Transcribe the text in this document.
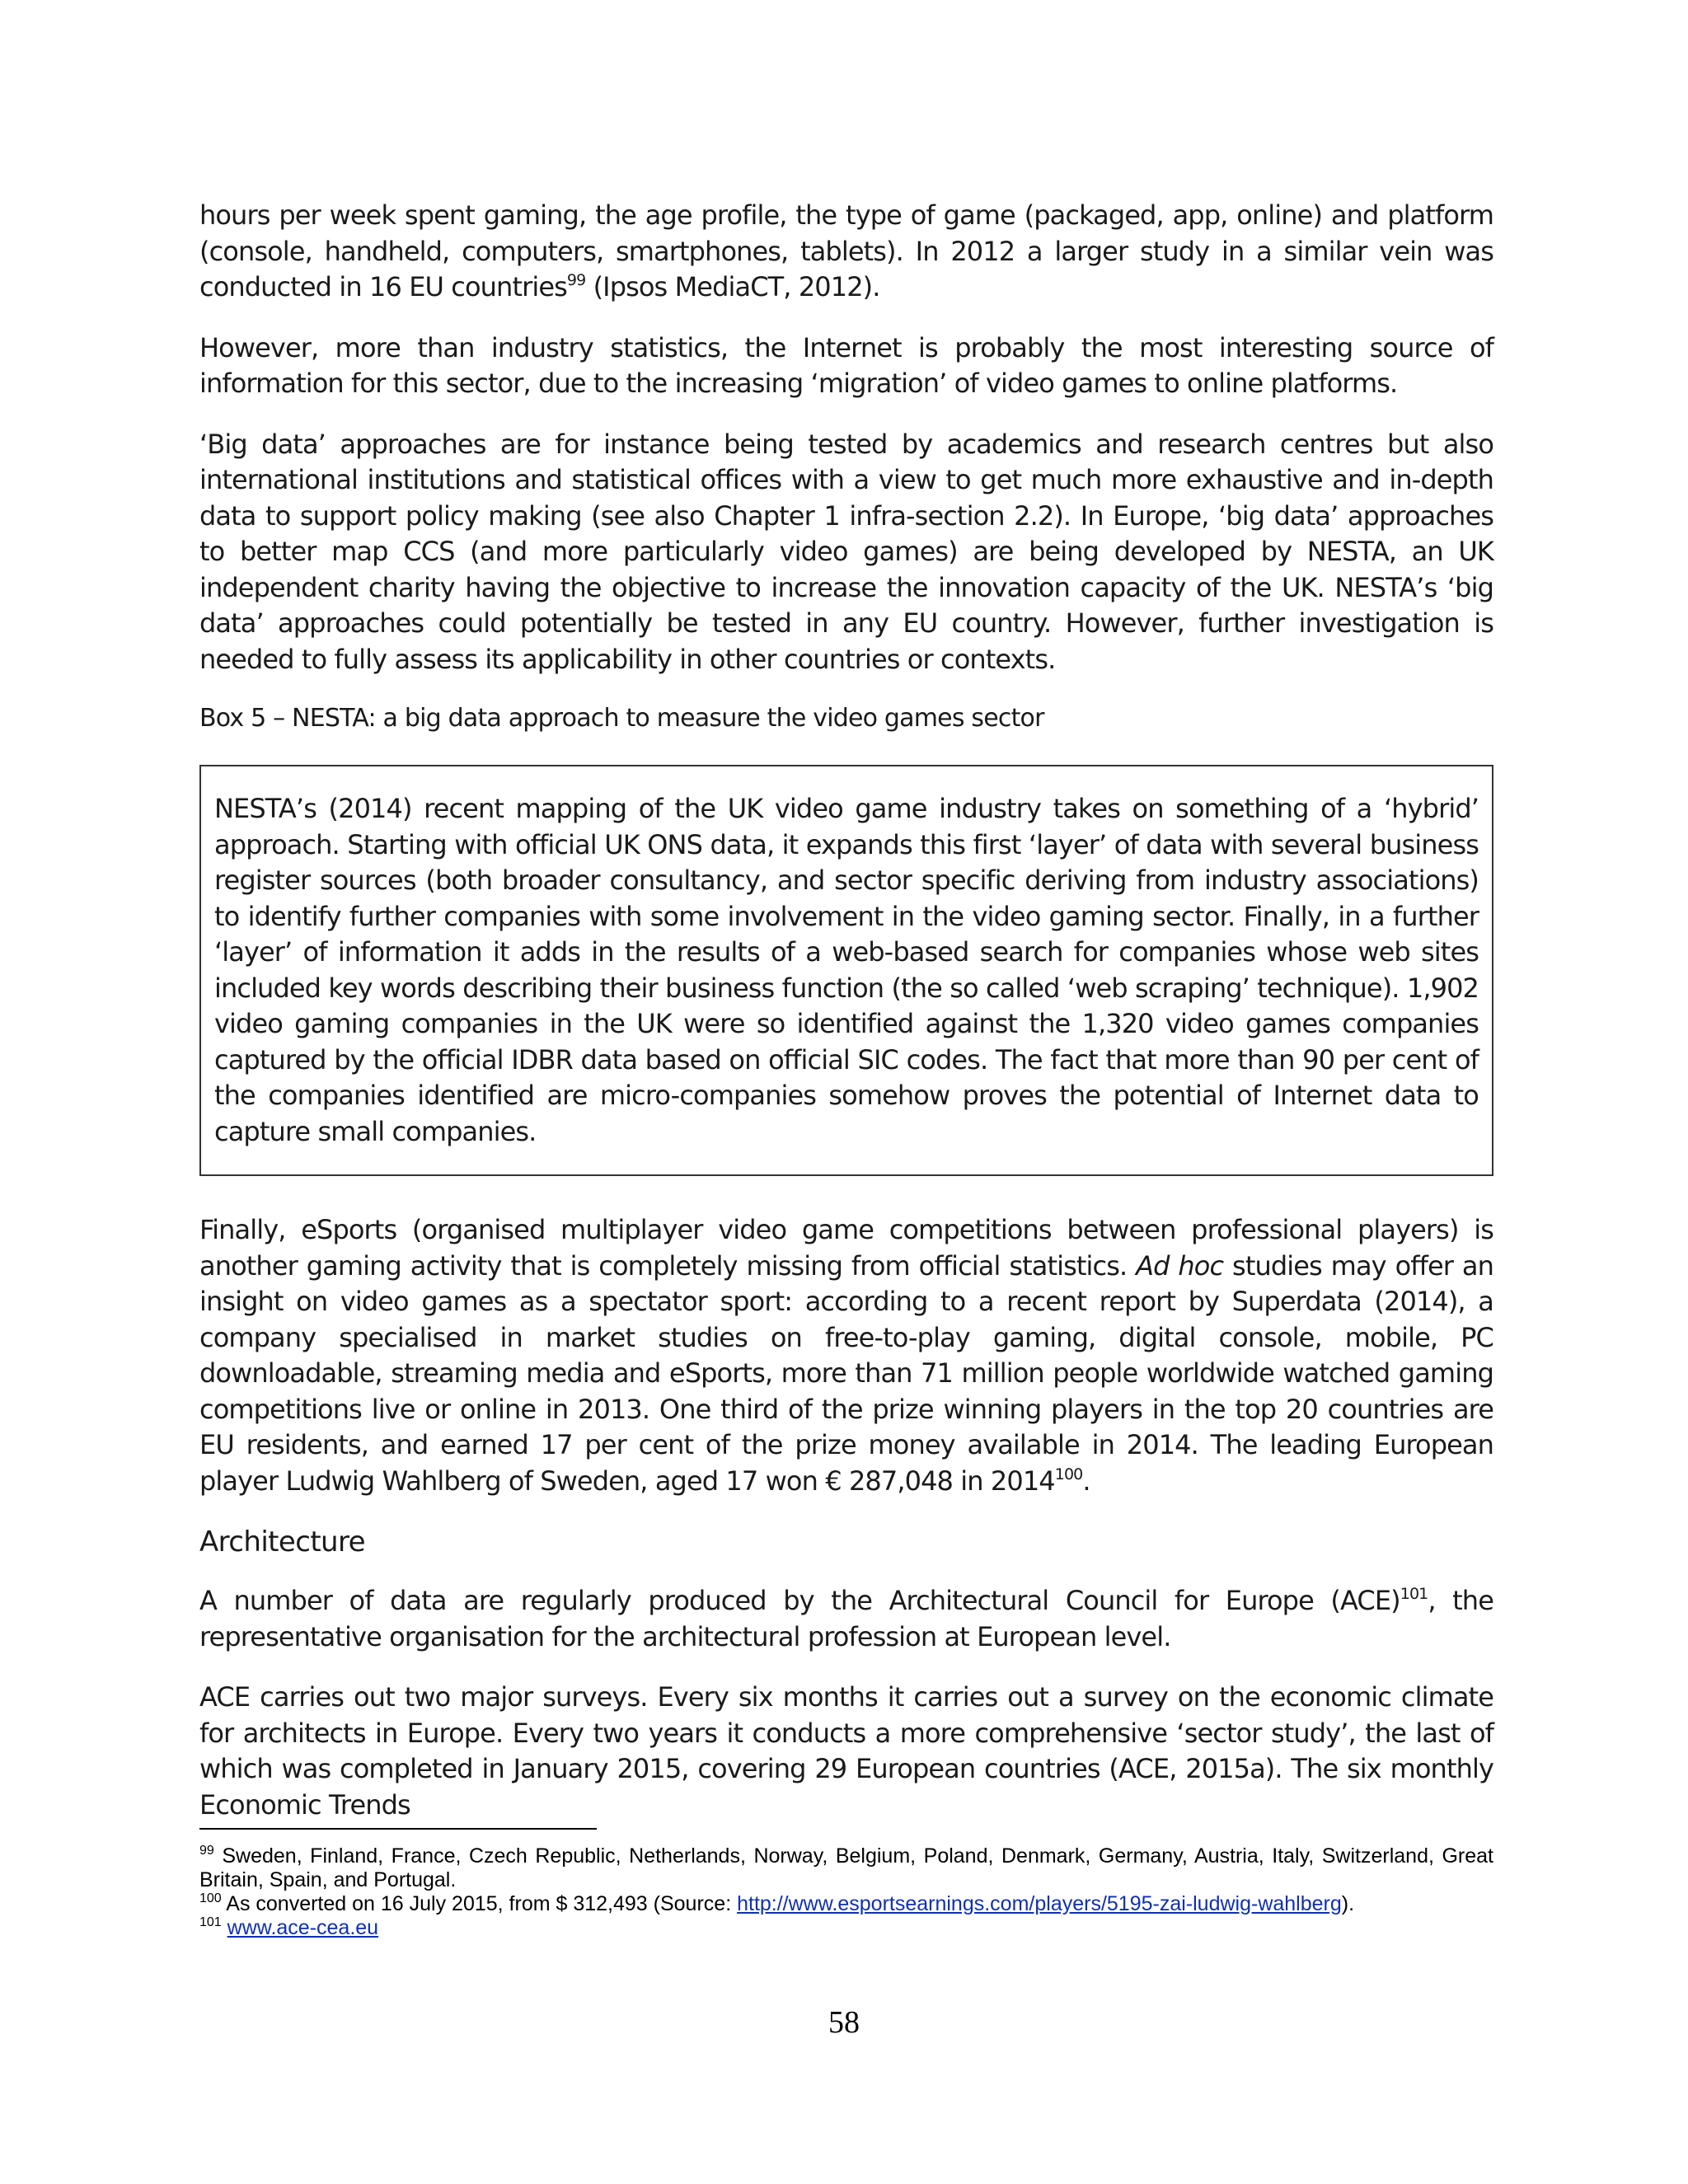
hours per week spent gaming, the age profile, the type of game (packaged, app, online) and platform (console, handheld, computers, smartphones, tablets). In 2012 a larger study in a similar vein was conducted in 16 EU countries$^{99}$ (Ipsos MediaCT, 2012).

However, more than industry statistics, the Internet is probably the most interesting source of information for this sector, due to the increasing ‘migration’ of video games to online platforms.

‘Big data’ approaches are for instance being tested by academics and research centres but also international institutions and statistical offices with a view to get much more exhaustive and in-depth data to support policy making (see also Chapter 1 infra-section 2.2). In Europe, ‘big data’ approaches to better map CCS (and more particularly video games) are being developed by NESTA, an UK independent charity having the objective to increase the innovation capacity of the UK. NESTA’s ‘big data’ approaches could potentially be tested in any EU country. However, further investigation is needed to fully assess its applicability in other countries or contexts.

Box 5 – NESTA: a big data approach to measure the video games sector

NESTA’s (2014) recent mapping of the UK video game industry takes on something of a ‘hybrid’ approach. Starting with official UK ONS data, it expands this first ‘layer’ of data with several business register sources (both broader consultancy, and sector specific deriving from industry associations) to identify further companies with some involvement in the video gaming sector. Finally, in a further ‘layer’ of information it adds in the results of a web-based search for companies whose web sites included key words describing their business function (the so called ‘web scraping’ technique). 1,902 video gaming companies in the UK were so identified against the 1,320 video games companies captured by the official IDBR data based on official SIC codes. The fact that more than 90 per cent of the companies identified are micro-companies somehow proves the potential of Internet data to capture small companies.

Finally, eSports (organised multiplayer video game competitions between professional players) is another gaming activity that is completely missing from official statistics. Ad hoc studies may offer an insight on video games as a spectator sport: according to a recent report by Superdata (2014), a company specialised in market studies on free-to-play gaming, digital console, mobile, PC downloadable, streaming media and eSports, more than 71 million people worldwide watched gaming competitions live or online in 2013. One third of the prize winning players in the top 20 countries are EU residents, and earned 17 per cent of the prize money available in 2014. The leading European player Ludwig Wahlberg of Sweden, aged 17 won € 287,048 in 2014$^{100}$.

Architecture

A number of data are regularly produced by the Architectural Council for Europe (ACE)$^{101}$, the representative organisation for the architectural profession at European level.

ACE carries out two major surveys. Every six months it carries out a survey on the economic climate for architects in Europe. Every two years it conducts a more comprehensive ‘sector study’, the last of which was completed in January 2015, covering 29 European countries (ACE, 2015a). The six monthly Economic Trends

$^{99}$ Sweden, Finland, France, Czech Republic, Netherlands, Norway, Belgium, Poland, Denmark, Germany, Austria, Italy, Switzerland, Great Britain, Spain, and Portugal.

$^{100}$ As converted on 16 July 2015, from $ 312,493 (Source: http://www.esportsearnings.com/players/5195-zai-ludwig-wahlberg).

$^{101}$ www.ace-cea.eu

58
